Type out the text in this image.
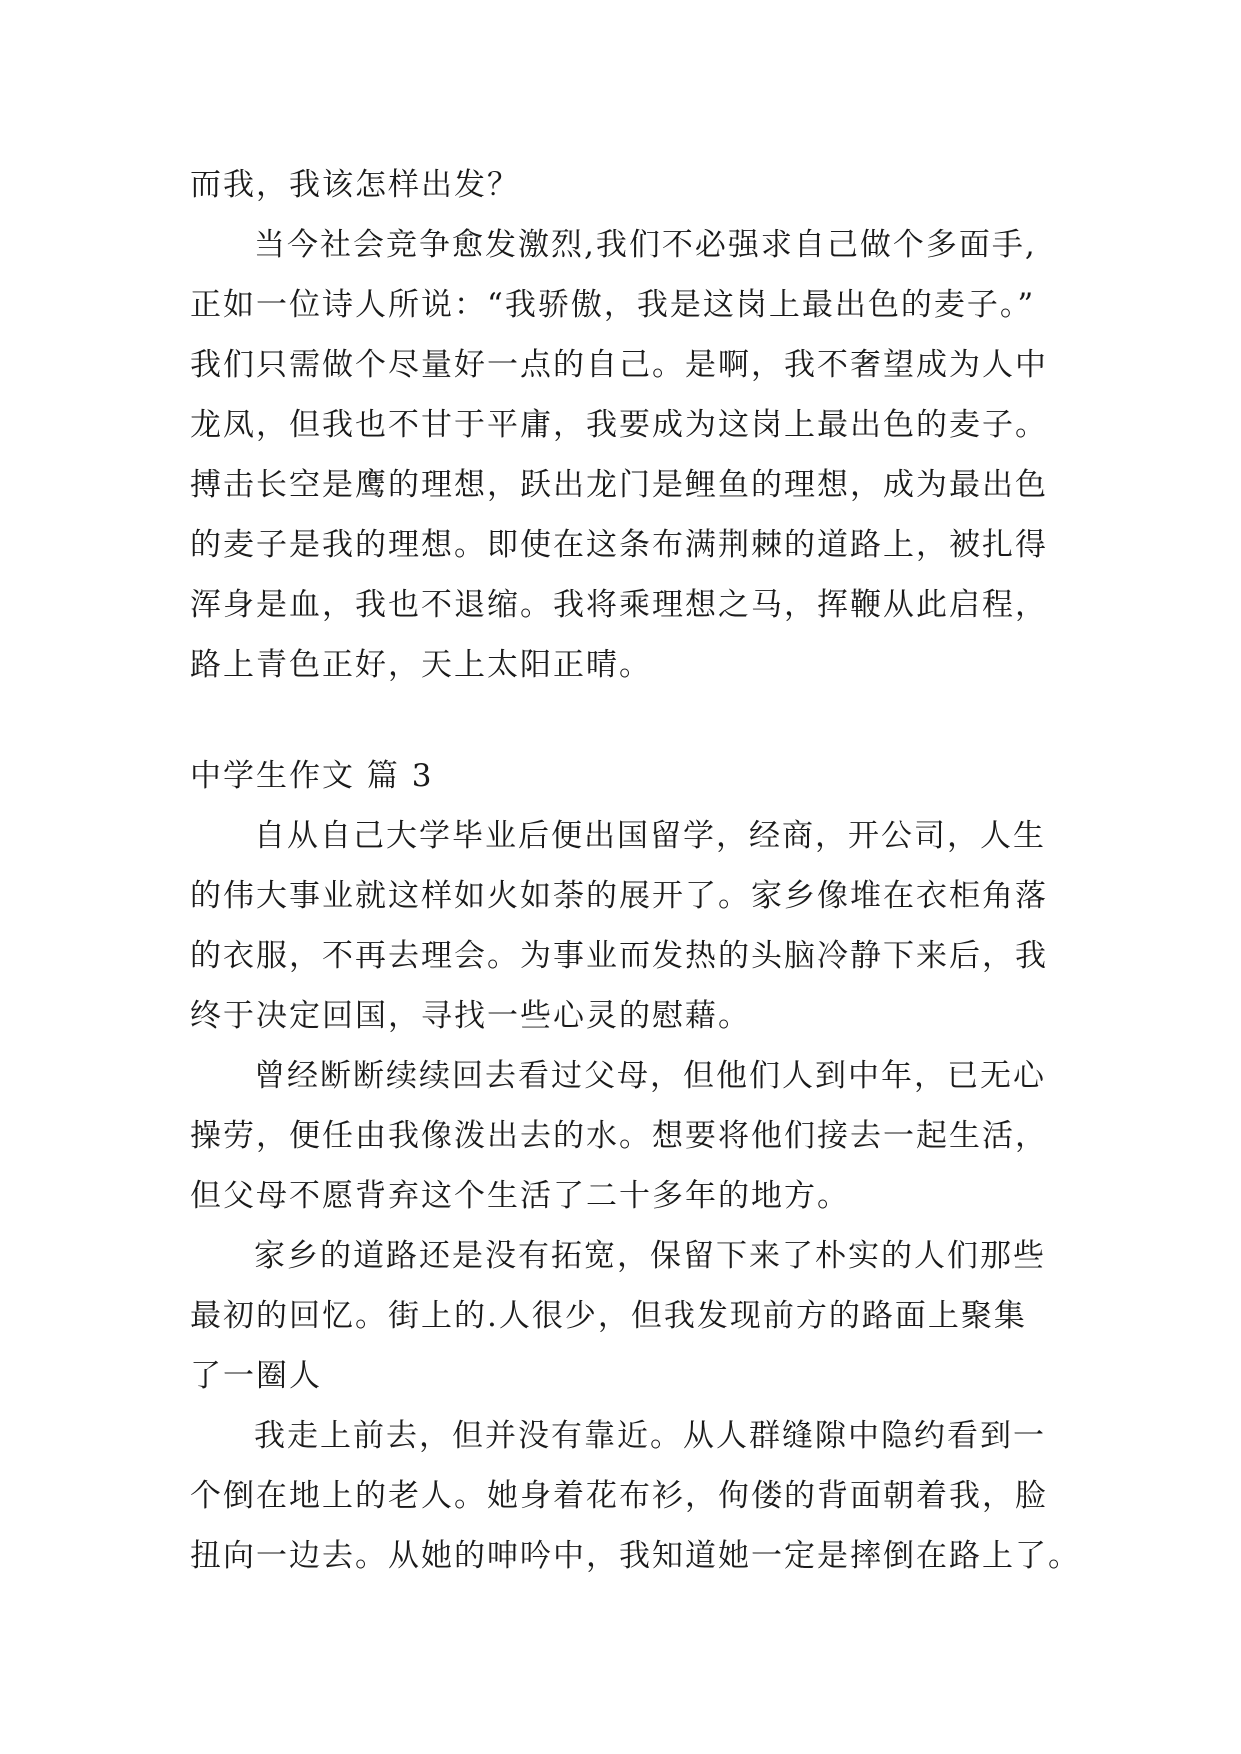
而我，我该怎样出发？

当今社会竞争愈发激烈,我们不必强求自己做个多面手,

正如一位诗人所说：“我骄傲，我是这岗上最出色的麦子。”

我们只需做个尽量好一点的自己。是啊，我不奢望成为人中

龙凤，但我也不甘于平庸，我要成为这岗上最出色的麦子。

搏击长空是鹰的理想，跃出龙门是鲤鱼的理想，成为最出色

的麦子是我的理想。即使在这条布满荆棘的道路上，被扎得

浑身是血，我也不退缩。我将乘理想之马，挥鞭从此启程，

路上青色正好，天上太阳正晴。

中学生作文 篇 3

自从自己大学毕业后便出国留学，经商，开公司，人生

的伟大事业就这样如火如荼的展开了。家乡像堆在衣柜角落

的衣服，不再去理会。为事业而发热的头脑冷静下来后，我

终于决定回国，寻找一些心灵的慰藉。

曾经断断续续回去看过父母，但他们人到中年，已无心

操劳，便任由我像泼出去的水。想要将他们接去一起生活，

但父母不愿背弃这个生活了二十多年的地方。

家乡的道路还是没有拓宽，保留下来了朴实的人们那些

最初的回忆。街上的.人很少，但我发现前方的路面上聚集

了一圈人

我走上前去，但并没有靠近。从人群缝隙中隐约看到一

个倒在地上的老人。她身着花布衫，佝偻的背面朝着我，脸

扭向一边去。从她的呻吟中，我知道她一定是摔倒在路上了。
